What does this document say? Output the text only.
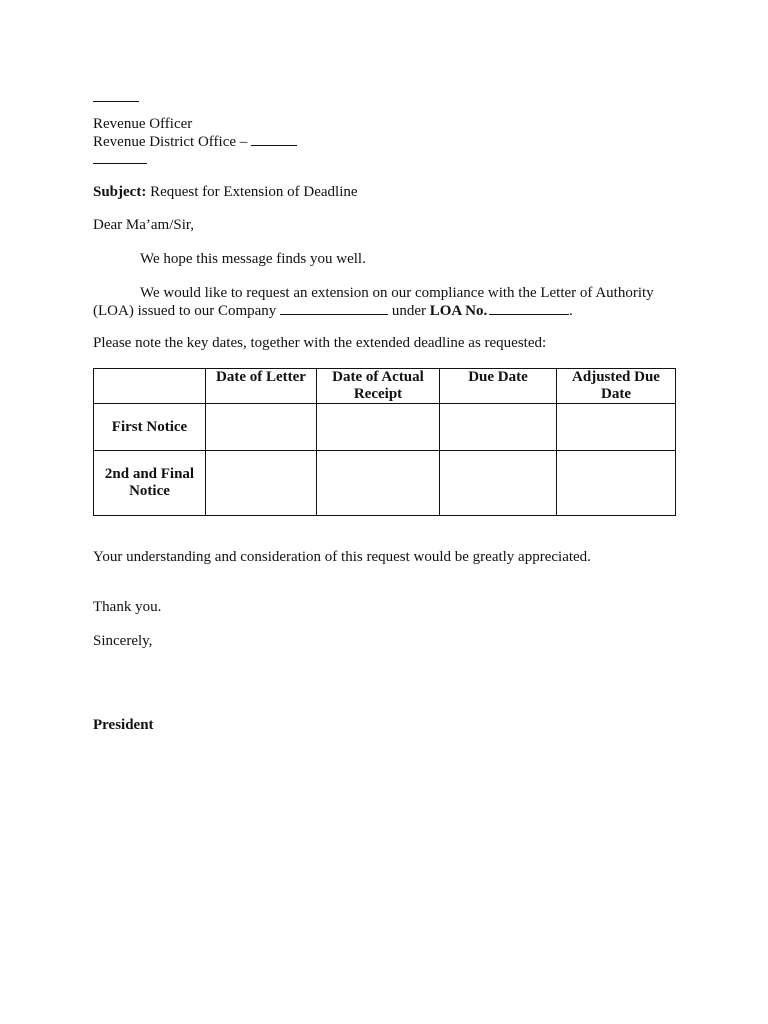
Revenue Officer
Revenue District Office –
Subject: Request for Extension of Deadline
Dear Ma’am/Sir,
We hope this message finds you well.
We would like to request an extension on our compliance with the Letter of Authority (LOA) issued to our Company	under LOA No.	.
Please note the key dates, together with the extended deadline as requested:
	Date of Letter	Date of Actual Receipt	Due Date	Adjusted Due Date
First Notice				
2nd and Final Notice				
Your understanding and consideration of this request would be greatly appreciated.
Thank you.
Sincerely,
President
